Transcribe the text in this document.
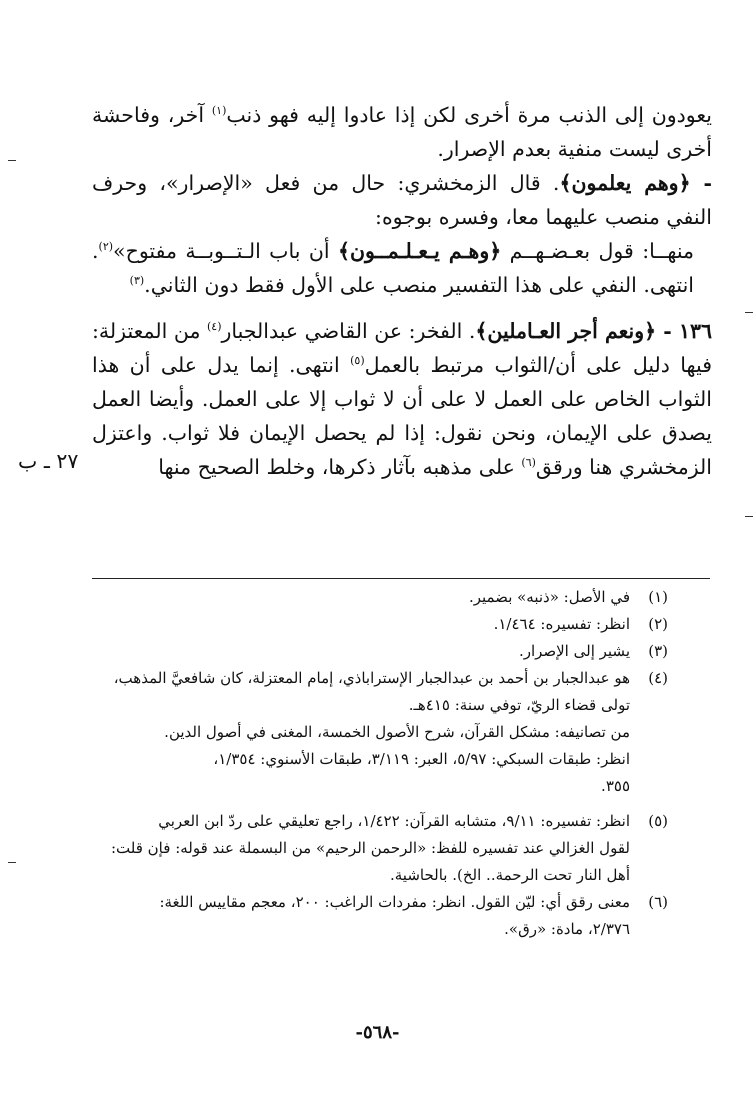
يعودون إلى الذنب مرة أخرى لكن إذا عادوا إليه فهو ذنب$^{(١)}$ آخر، وفاحشة أخرى ليست منفية بعدم الإصرار.

- ﴿وهم يعلمون﴾. قال الزمخشري: حال من فعل «الإصرار»، وحرف النفي منصب عليهما معا، وفسره بوجوه:

منهــا: قول بعـضـهــم ﴿وهـم يـعـلـمــون﴾ أن باب الـتــوبــة مفتوح»$^{(٢)}$. انتهى. النفي على هذا التفسير منصب على الأول فقط دون الثاني.$^{(٣)}$

١٣٦ - ﴿ونعم أجر العـاملين﴾. الفخر: عن القاضي عبدالجبار$^{(٤)}$ من المعتزلة: فيها دليل على أن/الثواب مرتبط بالعمل$^{(٥)}$ انتهى. إنما يدل على أن هذا الثواب الخاص على العمل لا على أن لا ثواب إلا على العمل. وأيضا العمل يصدق على الإيمان، ونحن نقول: إذا لم يحصل الإيمان فلا ثواب. واعتزل الزمخشري هنا ورقق$^{(٦)}$ على مذهبه بآثار ذكرها، وخلط الصحيح منها

٢٧ ـ ب
(١)
في الأصل: «ذنبه» بضمير.
(٢)
انظر: تفسيره: ١/٤٦٤.
(٣)
يشير إلى الإصرار.
(٤)
هو عبدالجبار بن أحمد بن عبدالجبار الإستراباذي، إمام المعتزلة، كان شافعيَّ المذهب،
تولى قضاء الريّ، توفي سنة: ٤١٥هـ.
من تصانيفه: مشكل القرآن، شرح الأصول الخمسة، المغنى في أصول الدين.
انظر: طبقات السبكي: ٥/٩٧، العبر: ٣/١١٩، طبقات الأسنوي: ١/٣٥٤،
٣٥٥.
(٥)
انظر: تفسيره: ٩/١١، متشابه القرآن: ١/٤٢٢، راجع تعليقي على ردّ ابن العربي
لقول الغزالي عند تفسيره للفظ: «الرحمن الرحيم» من البسملة عند قوله: فإن قلت:
أهل النار تحت الرحمة.. الخ). بالحاشية.
(٦)
معنى رقق أي: ليّن القول. انظر: مفردات الراغب: ٢٠٠، معجم مقاييس اللغة:
٢/٣٧٦، مادة: «رق».
-٥٦٨-
